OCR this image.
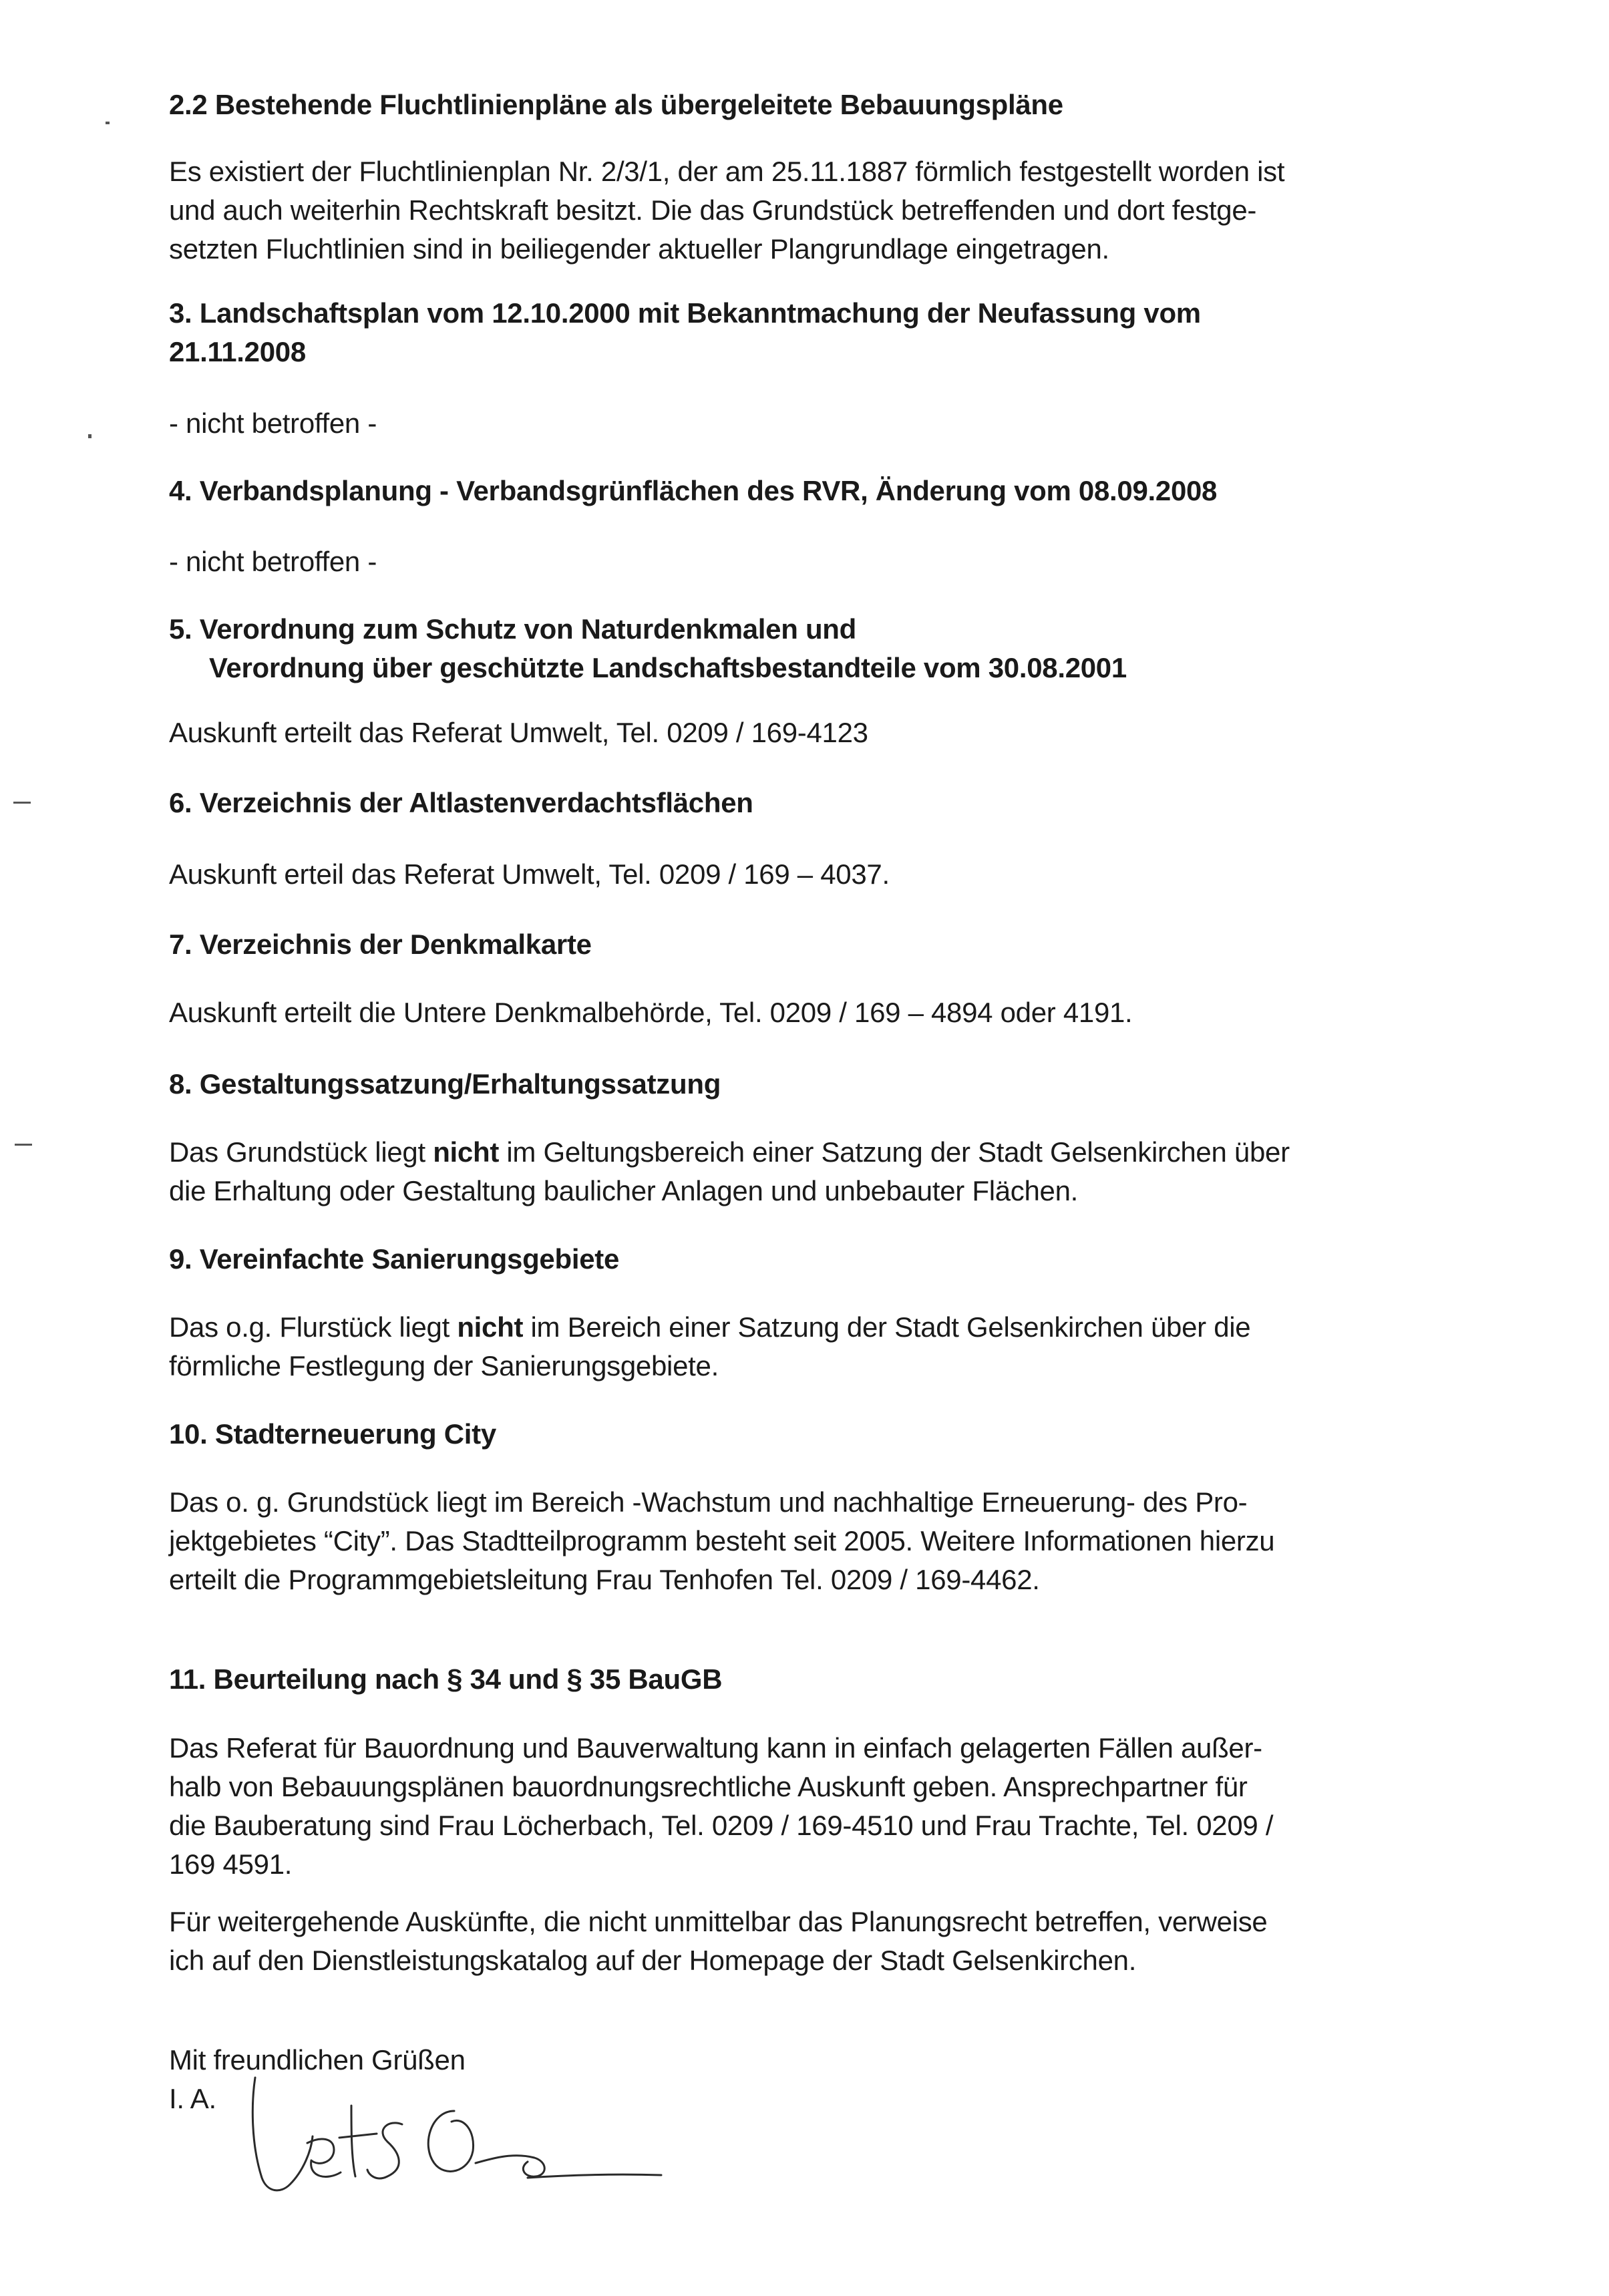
2.2 Bestehende Fluchtlinienpläne als übergeleitete Bebauungspläne
Es existiert der Fluchtlinienplan Nr. 2/3/1, der am 25.11.1887 förmlich festgestellt worden ist
und auch weiterhin Rechtskraft besitzt. Die das Grundstück betreffenden und dort festge-
setzten Fluchtlinien sind in beiliegender aktueller Plangrundlage eingetragen.
3. Landschaftsplan vom 12.10.2000 mit Bekanntmachung der Neufassung vom
21.11.2008
- nicht betroffen -
4. Verbandsplanung - Verbandsgrünflächen des RVR, Änderung vom 08.09.2008
- nicht betroffen -
5. Verordnung zum Schutz von Naturdenkmalen und
Verordnung über geschützte Landschaftsbestandteile vom 30.08.2001
Auskunft erteilt das Referat Umwelt, Tel. 0209 / 169-4123
6. Verzeichnis der Altlastenverdachtsflächen
Auskunft erteil das Referat Umwelt, Tel. 0209 / 169 – 4037.
7. Verzeichnis der Denkmalkarte
Auskunft erteilt die Untere Denkmalbehörde, Tel. 0209 / 169 – 4894 oder 4191.
8. Gestaltungssatzung/Erhaltungssatzung
Das Grundstück liegt nicht im Geltungsbereich einer Satzung der Stadt Gelsenkirchen über
die Erhaltung oder Gestaltung baulicher Anlagen und unbebauter Flächen.
9. Vereinfachte Sanierungsgebiete
Das o.g. Flurstück liegt nicht im Bereich einer Satzung der Stadt Gelsenkirchen über die
förmliche Festlegung der Sanierungsgebiete.
10. Stadterneuerung City
Das o. g. Grundstück liegt im Bereich -Wachstum und nachhaltige Erneuerung- des Pro-
jektgebietes “City”. Das Stadtteilprogramm besteht seit 2005. Weitere Informationen hierzu
erteilt die Programmgebietsleitung Frau Tenhofen Tel. 0209 / 169-4462.
11. Beurteilung nach § 34 und § 35 BauGB
Das Referat für Bauordnung und Bauverwaltung kann in einfach gelagerten Fällen außer-
halb von Bebauungsplänen bauordnungsrechtliche Auskunft geben. Ansprechpartner für
die Bauberatung sind Frau Löcherbach, Tel. 0209 / 169-4510 und Frau Trachte, Tel. 0209 /
169 4591.
Für weitergehende Auskünfte, die nicht unmittelbar das Planungsrecht betreffen, verweise
ich auf den Dienstleistungskatalog auf der Homepage der Stadt Gelsenkirchen.
Mit freundlichen Grüßen
I. A.
